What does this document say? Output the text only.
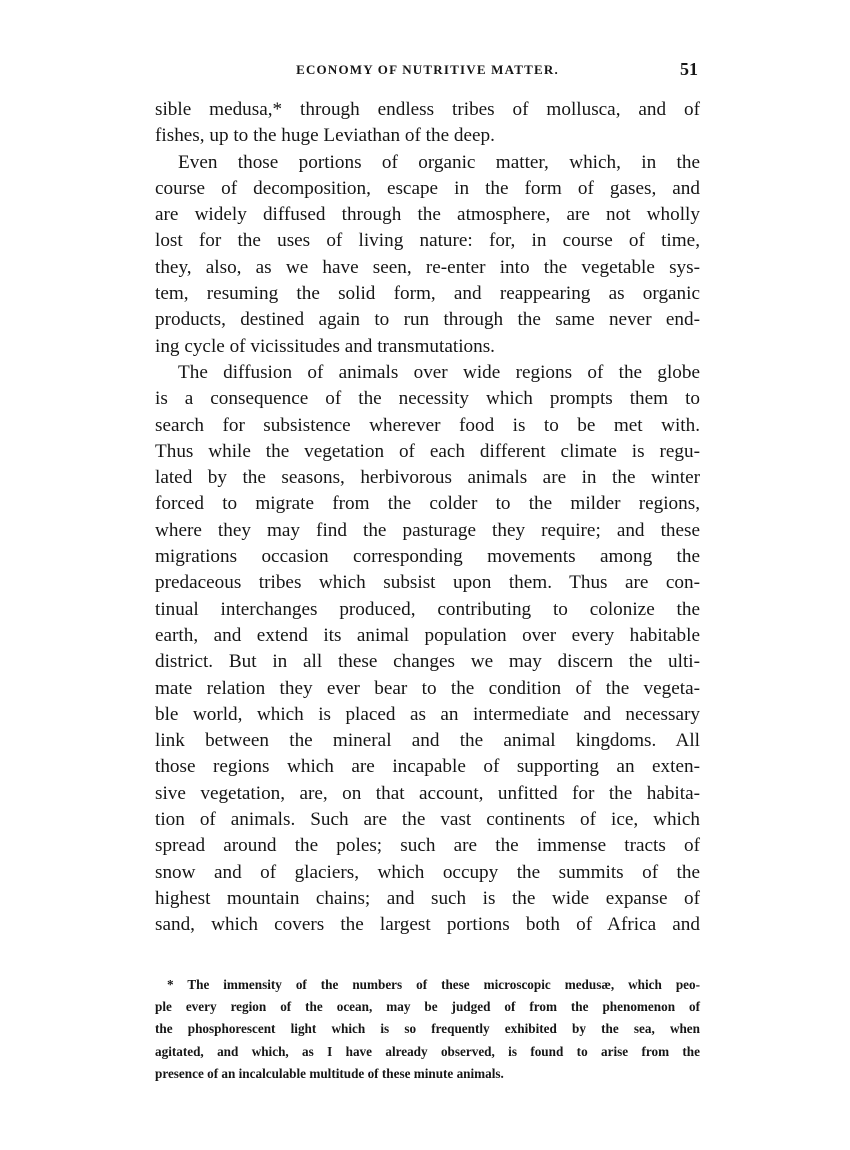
ECONOMY OF NUTRITIVE MATTER.	51
sible medusa,* through endless tribes of mollusca, and of
fishes, up to the huge Leviathan of the deep.
Even those portions of organic matter, which, in the
course of decomposition, escape in the form of gases, and
are widely diffused through the atmosphere, are not wholly
lost for the uses of living nature: for, in course of time,
they, also, as we have seen, re-enter into the vegetable sys-
tem, resuming the solid form, and reappearing as organic
products, destined again to run through the same never end-
ing cycle of vicissitudes and transmutations.
The diffusion of animals over wide regions of the globe
is a consequence of the necessity which prompts them to
search for subsistence wherever food is to be met with.
Thus while the vegetation of each different climate is regu-
lated by the seasons, herbivorous animals are in the winter
forced to migrate from the colder to the milder regions,
where they may find the pasturage they require; and these
migrations occasion corresponding movements among the
predaceous tribes which subsist upon them. Thus are con-
tinual interchanges produced, contributing to colonize the
earth, and extend its animal population over every habitable
district. But in all these changes we may discern the ulti-
mate relation they ever bear to the condition of the vegeta-
ble world, which is placed as an intermediate and necessary
link between the mineral and the animal kingdoms. All
those regions which are incapable of supporting an exten-
sive vegetation, are, on that account, unfitted for the habita-
tion of animals. Such are the vast continents of ice, which
spread around the poles; such are the immense tracts of
snow and of glaciers, which occupy the summits of the
highest mountain chains; and such is the wide expanse of
sand, which covers the largest portions both of Africa and
* The immensity of the numbers of these microscopic medusæ, which peo-
ple every region of the ocean, may be judged of from the phenomenon of
the phosphorescent light which is so frequently exhibited by the sea, when
agitated, and which, as I have already observed, is found to arise from the
presence of an incalculable multitude of these minute animals.
